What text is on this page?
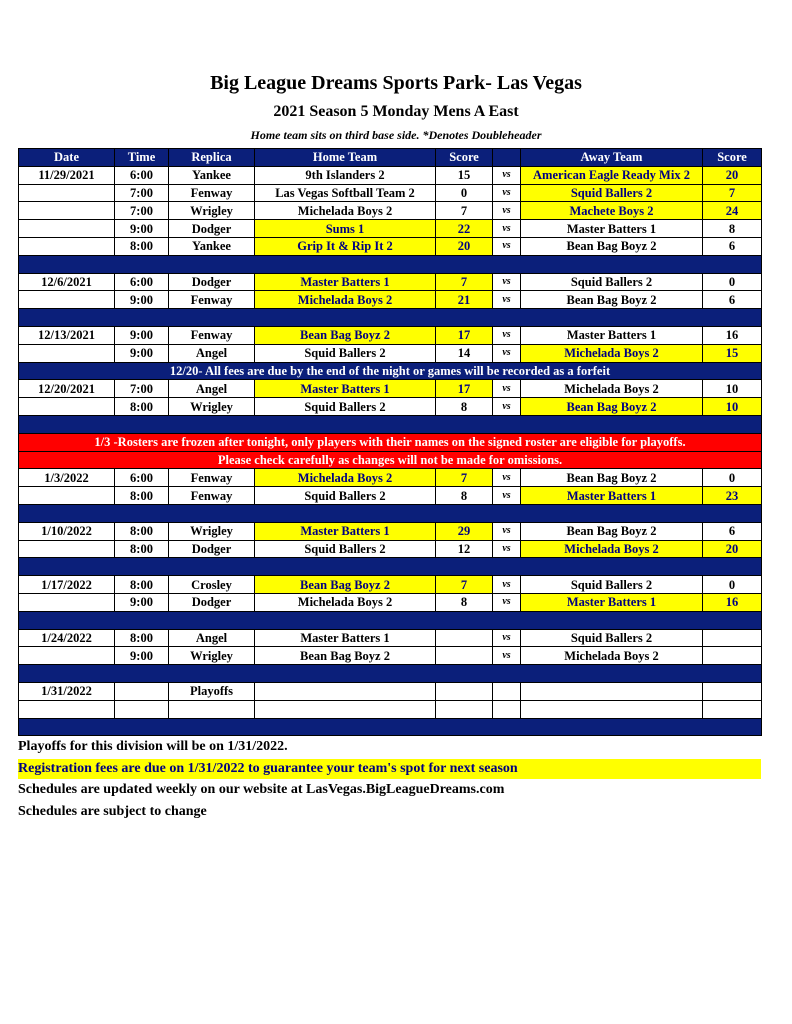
Big League Dreams Sports Park- Las Vegas
2021 Season 5 Monday Mens A East
Home team sits on third base side. *Denotes Doubleheader
Date	Time	Replica	Home Team	Score		Away Team	Score
11/29/2021	6:00	Yankee	9th Islanders 2	15	vs	American Eagle Ready Mix 2	20
	7:00	Fenway	Las Vegas Softball Team 2	0	vs	Squid Ballers 2	7
	7:00	Wrigley	Michelada Boys 2	7	vs	Machete Boys 2	24
	9:00	Dodger	Sums 1	22	vs	Master Batters 1	8
	8:00	Yankee	Grip It & Rip It 2	20	vs	Bean Bag Boyz 2	6

12/6/2021	6:00	Dodger	Master Batters 1	7	vs	Squid Ballers 2	0
	9:00	Fenway	Michelada Boys 2	21	vs	Bean Bag Boyz 2	6

12/13/2021	9:00	Fenway	Bean Bag Boyz 2	17	vs	Master Batters 1	16
	9:00	Angel	Squid Ballers 2	14	vs	Michelada Boys 2	15
12/20- All fees are due by the end of the night or games will be recorded as a forfeit							
12/20/2021	7:00	Angel	Master Batters 1	17	vs	Michelada Boys 2	10
	8:00	Wrigley	Squid Ballers 2	8	vs	Bean Bag Boyz 2	10

1/3 -Rosters are frozen after tonight, only players with their names on the signed roster are eligible for playoffs.							
Please check carefully as changes will not be made for omissions.							
1/3/2022	6:00	Fenway	Michelada Boys 2	7	vs	Bean Bag Boyz 2	0
	8:00	Fenway	Squid Ballers 2	8	vs	Master Batters 1	23

1/10/2022	8:00	Wrigley	Master Batters 1	29	vs	Bean Bag Boyz 2	6
	8:00	Dodger	Squid Ballers 2	12	vs	Michelada Boys 2	20

1/17/2022	8:00	Crosley	Bean Bag Boyz 2	7	vs	Squid Ballers 2	0
	9:00	Dodger	Michelada Boys 2	8	vs	Master Batters 1	16

1/24/2022	8:00	Angel	Master Batters 1		vs	Squid Ballers 2	
	9:00	Wrigley	Bean Bag Boyz 2		vs	Michelada Boys 2	

1/31/2022		Playoffs					

Playoffs for this division will be on 1/31/2022.
Registration fees are due on 1/31/2022 to guarantee your team's spot for next season
Schedules are updated weekly on our website at LasVegas.BigLeagueDreams.com
Schedules are subject to change
